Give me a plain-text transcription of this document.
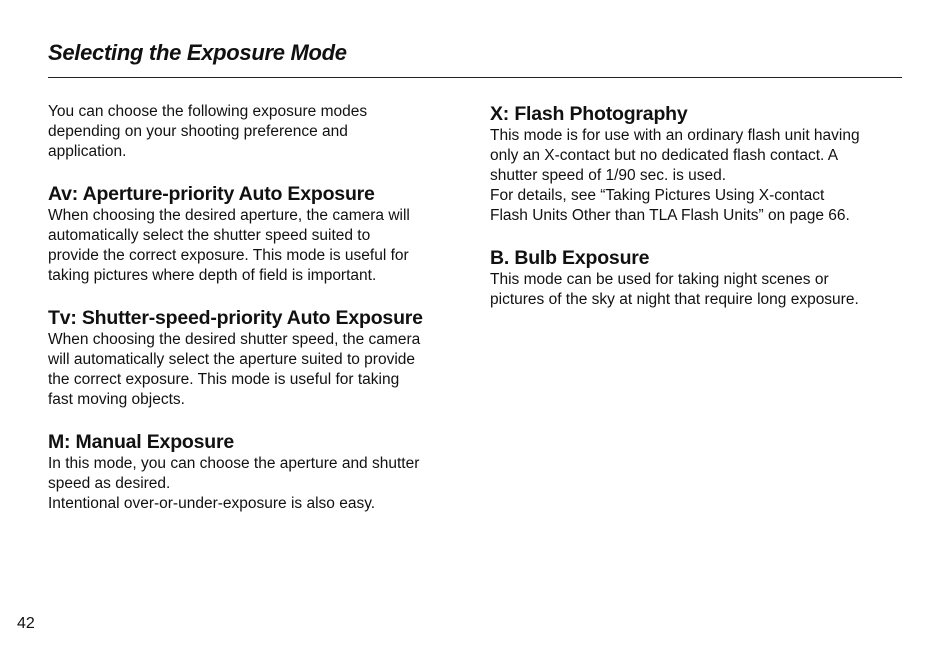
Selecting the Exposure Mode

You can choose the following exposure modes
depending on your shooting preference and
application.

Av: Aperture-priority Auto Exposure

When choosing the desired aperture, the camera will
automatically select the shutter speed suited to
provide the correct exposure. This mode is useful for
taking pictures where depth of field is important.

Tv: Shutter-speed-priority Auto Exposure

When choosing the desired shutter speed, the camera
will automatically select the aperture suited to provide
the correct exposure. This mode is useful for taking
fast moving objects.

M: Manual Exposure

In this mode, you can choose the aperture and shutter
speed as desired.
Intentional over-or-under-exposure is also easy.

X: Flash Photography

This mode is for use with an ordinary flash unit having
only an X-contact but no dedicated flash contact. A
shutter speed of 1/90 sec. is used.
For details, see “Taking Pictures Using X-contact
Flash Units Other than TLA Flash Units” on page 66.

B. Bulb Exposure

This mode can be used for taking night scenes or
pictures of the sky at night that require long exposure.

42
